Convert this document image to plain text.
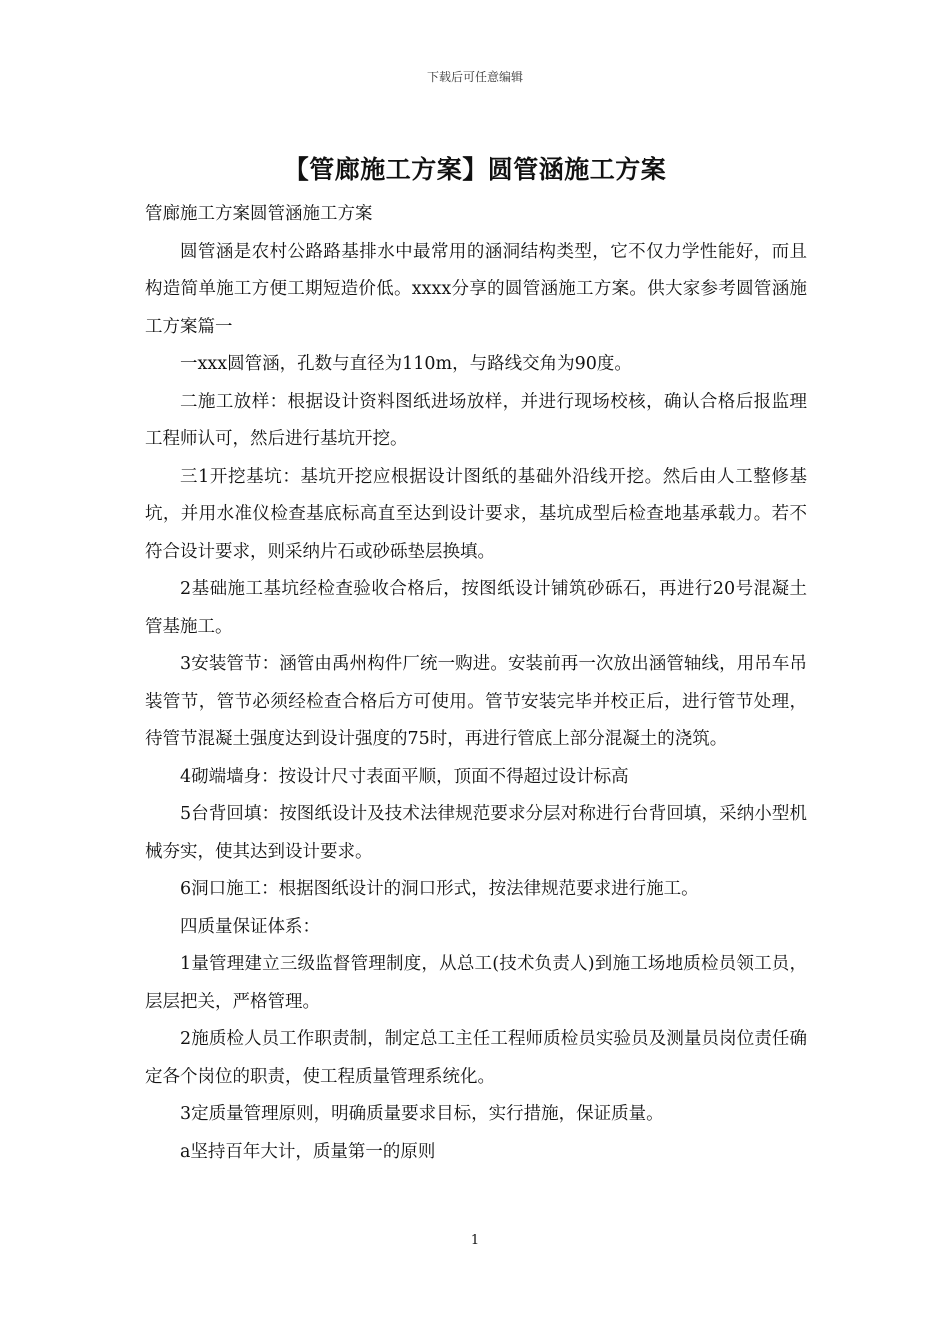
下载后可任意编辑
【管廊施工方案】圆管涵施工方案

管廊施工方案圆管涵施工方案

圆管涵是农村公路路基排水中最常用的涵洞结构类型，它不仅力学性能好，而且构造简单施工方便工期短造价低。xxxx分享的圆管涵施工方案。供大家参考圆管涵施工方案篇一

一xxx圆管涵，孔数与直径为110m，与路线交角为90度。

二施工放样：根据设计资料图纸进场放样，并进行现场校核，确认合格后报监理工程师认可，然后进行基坑开挖。

三1开挖基坑：基坑开挖应根据设计图纸的基础外沿线开挖。然后由人工整修基坑，并用水准仪检查基底标高直至达到设计要求，基坑成型后检查地基承载力。若不符合设计要求，则采纳片石或砂砾垫层换填。

2基础施工基坑经检查验收合格后，按图纸设计铺筑砂砾石，再进行20号混凝土管基施工。

3安装管节：涵管由禹州构件厂统一购进。安装前再一次放出涵管轴线，用吊车吊装管节，管节必须经检查合格后方可使用。管节安装完毕并校正后，进行管节处理，待管节混凝土强度达到设计强度的75时，再进行管底上部分混凝土的浇筑。

4砌端墙身：按设计尺寸表面平顺，顶面不得超过设计标高

5台背回填：按图纸设计及技术法律规范要求分层对称进行台背回填，采纳小型机械夯实，使其达到设计要求。

6洞口施工：根据图纸设计的洞口形式，按法律规范要求进行施工。

四质量保证体系：

1量管理建立三级监督管理制度，从总工(技术负责人)到施工场地质检员领工员，层层把关，严格管理。

2施质检人员工作职责制，制定总工主任工程师质检员实验员及测量员岗位责任确定各个岗位的职责，使工程质量管理系统化。

3定质量管理原则，明确质量要求目标，实行措施，保证质量。

a坚持百年大计，质量第一的原则

1
